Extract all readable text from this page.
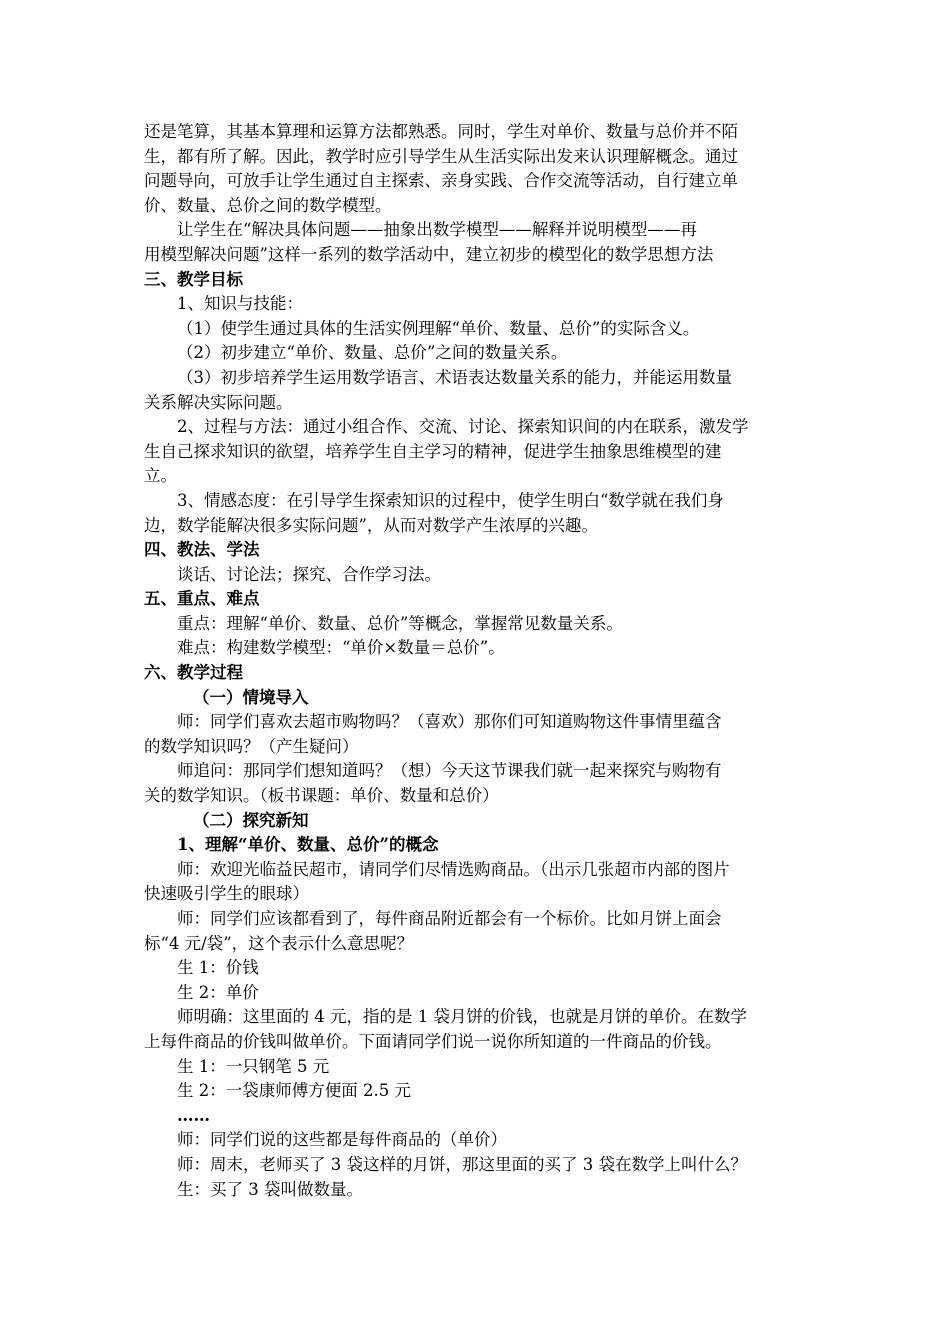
还是笔算，其基本算理和运算方法都熟悉。同时，学生对单价、数量与总价并不陌
生，都有所了解。因此，教学时应引导学生从生活实际出发来认识理解概念。通过
问题导向，可放手让学生通过自主探索、亲身实践、合作交流等活动，自行建立单
价、数量、总价之间的数学模型。
让学生在“解决具体问题——抽象出数学模型——解释并说明模型——再
用模型解决问题”这样一系列的数学活动中，建立初步的模型化的数学思想方法
三、教学目标
1、知识与技能：
（1）使学生通过具体的生活实例理解“单价、数量、总价”的实际含义。
（2）初步建立“单价、数量、总价”之间的数量关系。
（3）初步培养学生运用数学语言、术语表达数量关系的能力，并能运用数量
关系解决实际问题。
2、过程与方法：通过小组合作、交流、讨论、探索知识间的内在联系，激发学
生自己探求知识的欲望，培养学生自主学习的精神，促进学生抽象思维模型的建
立。
3、情感态度：在引导学生探索知识的过程中，使学生明白“数学就在我们身
边，数学能解决很多实际问题”，从而对数学产生浓厚的兴趣。
四、教法、学法
谈话、讨论法；探究、合作学习法。
五、重点、难点
重点：理解“单价、数量、总价”等概念，掌握常见数量关系。
难点：构建数学模型：“单价×数量＝总价”。
六、教学过程
（一）情境导入
师：同学们喜欢去超市购物吗？（喜欢）那你们可知道购物这件事情里蕴含
的数学知识吗？（产生疑问）
师追问：那同学们想知道吗？（想）今天这节课我们就一起来探究与购物有
关的数学知识。（板书课题：单价、数量和总价）
（二）探究新知
1、理解“单价、数量、总价”的概念
师：欢迎光临益民超市，请同学们尽情选购商品。（出示几张超市内部的图片
快速吸引学生的眼球）
师：同学们应该都看到了，每件商品附近都会有一个标价。比如月饼上面会
标“4 元/袋”，这个表示什么意思呢？
生 1：价钱
生 2：单价
师明确：这里面的 4 元，指的是 1 袋月饼的价钱，也就是月饼的单价。在数学
上每件商品的价钱叫做单价。下面请同学们说一说你所知道的一件商品的价钱。
生 1：一只钢笔 5 元
生 2：一袋康师傅方便面 2.5 元
……
师：同学们说的这些都是每件商品的（单价）
师：周末，老师买了 3 袋这样的月饼，那这里面的买了 3 袋在数学上叫什么？
生：买了 3 袋叫做数量。
